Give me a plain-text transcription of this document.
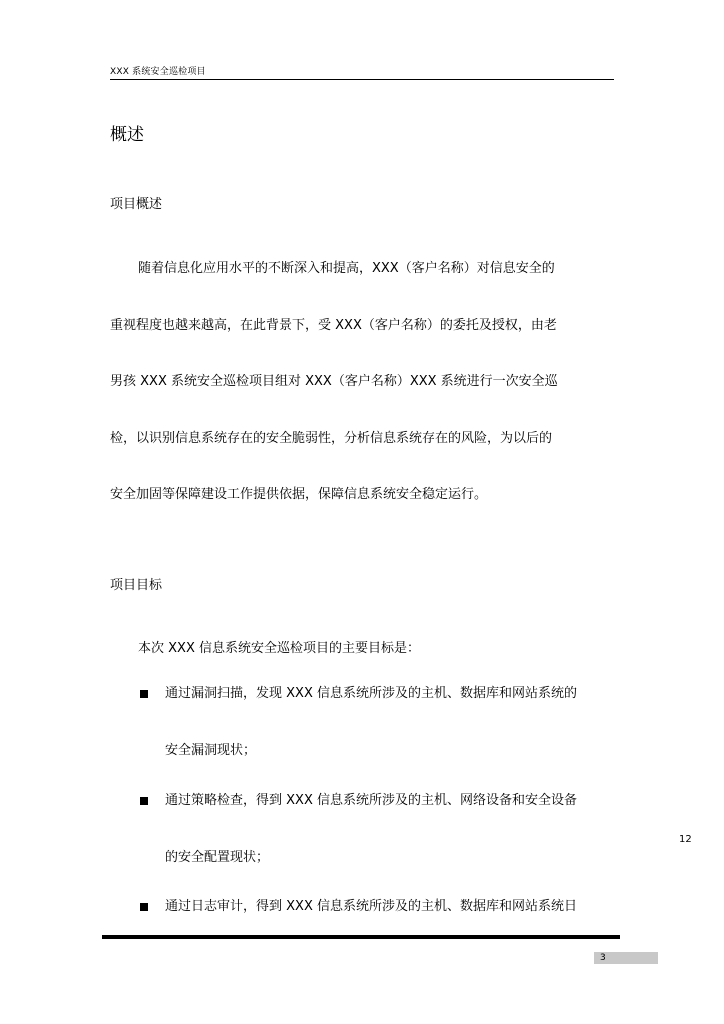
XXX 系统安全巡检项目
概述
项目概述
随着信息化应用水平的不断深入和提高，XXX（客户名称）对信息安全的
重视程度也越来越高，在此背景下，受 XXX（客户名称）的委托及授权，由老
男孩 XXX 系统安全巡检项目组对 XXX（客户名称）XXX 系统进行一次安全巡
检，以识别信息系统存在的安全脆弱性，分析信息系统存在的风险，为以后的
安全加固等保障建设工作提供依据，保障信息系统安全稳定运行。
项目目标
本次 XXX 信息系统安全巡检项目的主要目标是：
通过漏洞扫描，发现 XXX 信息系统所涉及的主机、数据库和网站系统的
安全漏洞现状；
通过策略检查，得到 XXX 信息系统所涉及的主机、网络设备和安全设备
的安全配置现状；
通过日志审计，得到 XXX 信息系统所涉及的主机、数据库和网站系统日
12
3
